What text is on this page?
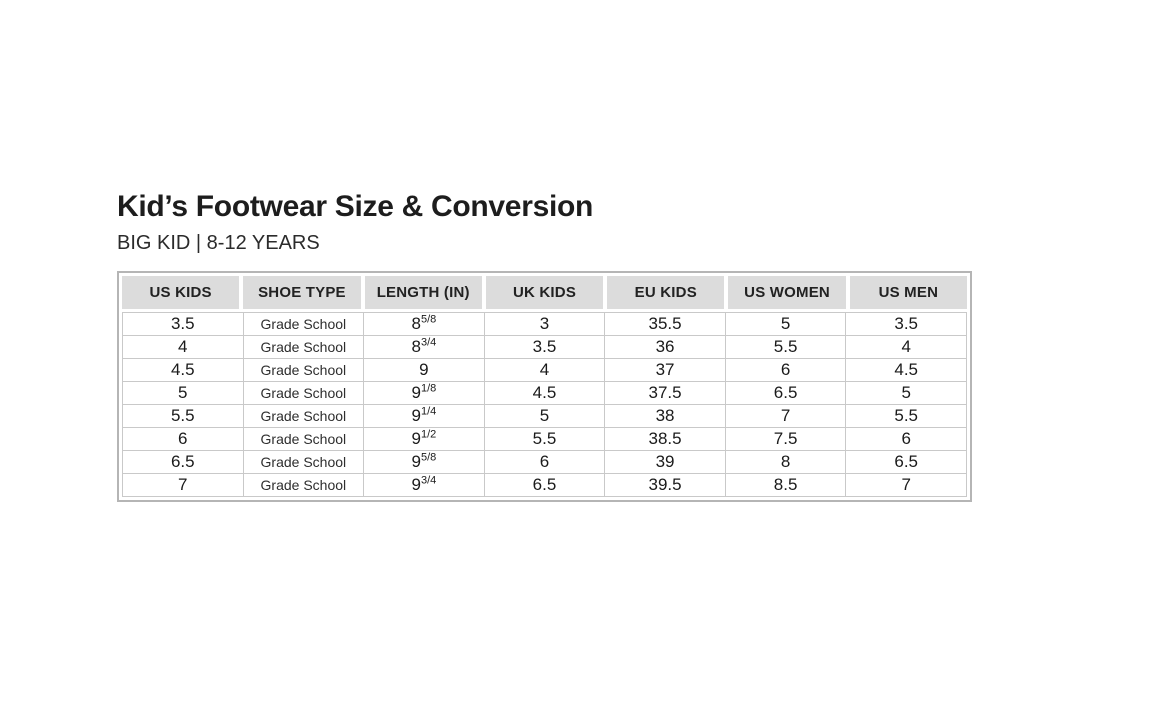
Kid’s Footwear Size & Conversion
BIG KID | 8-12 YEARS
US KIDS	SHOE TYPE	LENGTH (IN)	UK KIDS	EU KIDS	US WOMEN	US MEN
3.5	Grade School	$8^{5/8}$	3	35.5	5	3.5
4	Grade School	$8^{3/4}$	3.5	36	5.5	4
4.5	Grade School	9	4	37	6	4.5
5	Grade School	$9^{1/8}$	4.5	37.5	6.5	5
5.5	Grade School	$9^{1/4}$	5	38	7	5.5
6	Grade School	$9^{1/2}$	5.5	38.5	7.5	6
6.5	Grade School	$9^{5/8}$	6	39	8	6.5
7	Grade School	$9^{3/4}$	6.5	39.5	8.5	7
